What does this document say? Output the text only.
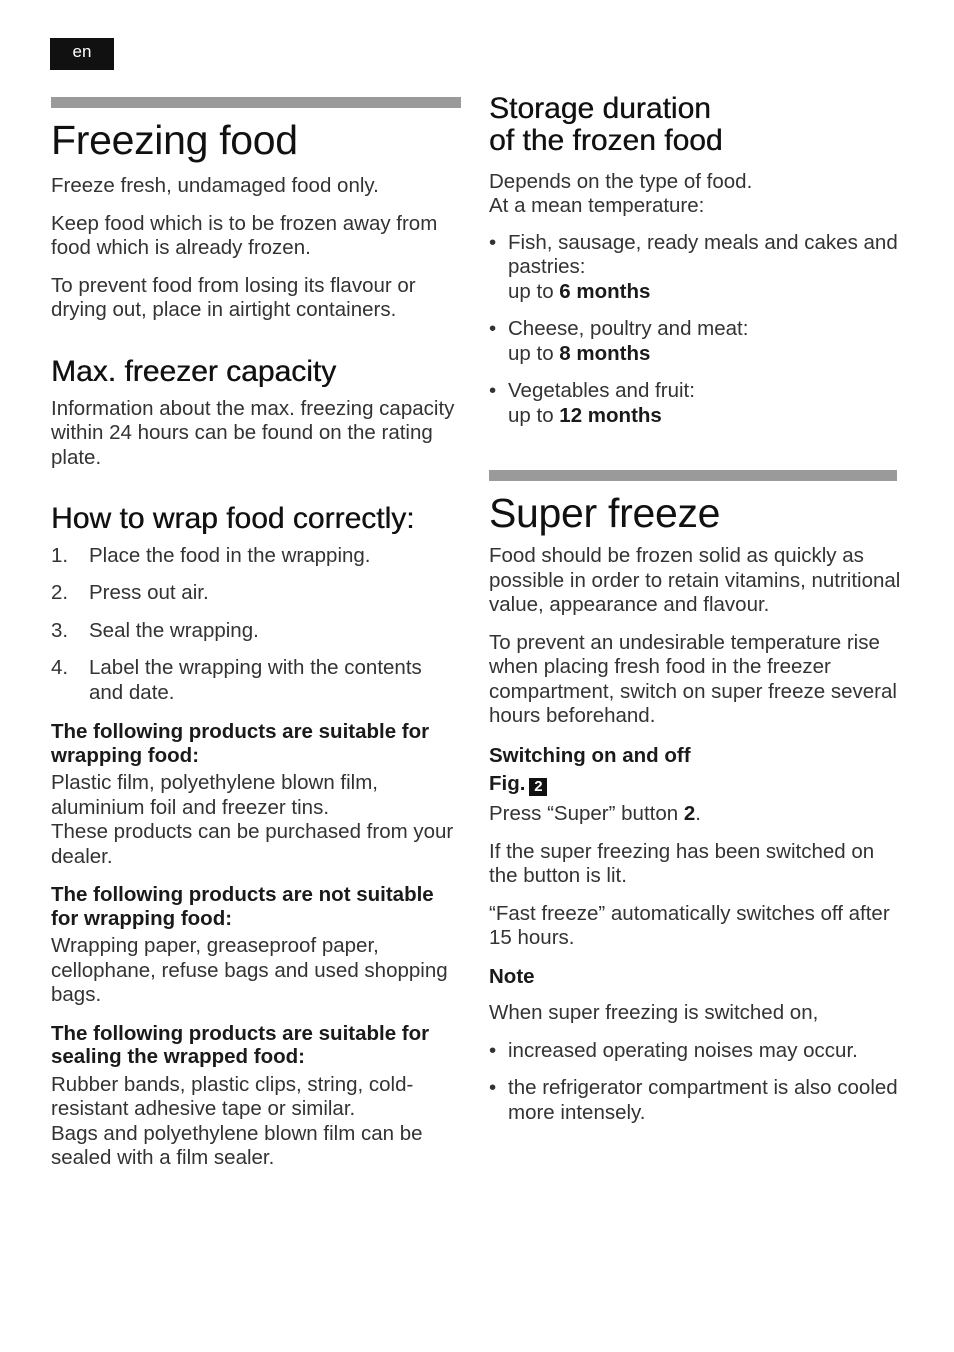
en
Freezing food

Freeze fresh, undamaged food only.

Keep food which is to be frozen away from food which is already frozen.

To prevent food from losing its flavour or drying out, place in airtight containers.

Max. freezer capacity

Information about the max. freezing capacity within 24 hours can be found on the rating plate.

How to wrap food correctly:
1. Place the food in the wrapping.
2. Press out air.
3. Seal the wrapping.
4. Label the wrapping with the contents and date.

The following products are suitable for wrapping food:

Plastic film, polyethylene blown film, aluminium foil and freezer tins.

These products can be purchased from your dealer.

The following products are not suitable for wrapping food:

Wrapping paper, greaseproof paper, cellophane, refuse bags and used shopping bags.

The following products are suitable for sealing the wrapped food:

Rubber bands, plastic clips, string, cold-resistant adhesive tape or similar.

Bags and polyethylene blown film can be sealed with a film sealer.

Storage duration
of the frozen food

Depends on the type of food.

At a mean temperature:

• Fish, sausage, ready meals and cakes and pastries:
up to 6 months
• Cheese, poultry and meat:
up to 8 months
• Vegetables and fruit:
up to 12 months
Super freeze

Food should be frozen solid as quickly as possible in order to retain vitamins, nutritional value, appearance and flavour.

To prevent an undesirable temperature rise when placing fresh food in the freezer compartment, switch on super freeze several hours beforehand.

Switching on and off

Fig. 2

Press “Super” button 2.

If the super freezing has been switched on the button is lit.

“Fast freeze” automatically switches off after 15 hours.

Note

When super freezing is switched on,

• increased operating noises may occur.
• the refrigerator compartment is also cooled more intensely.
